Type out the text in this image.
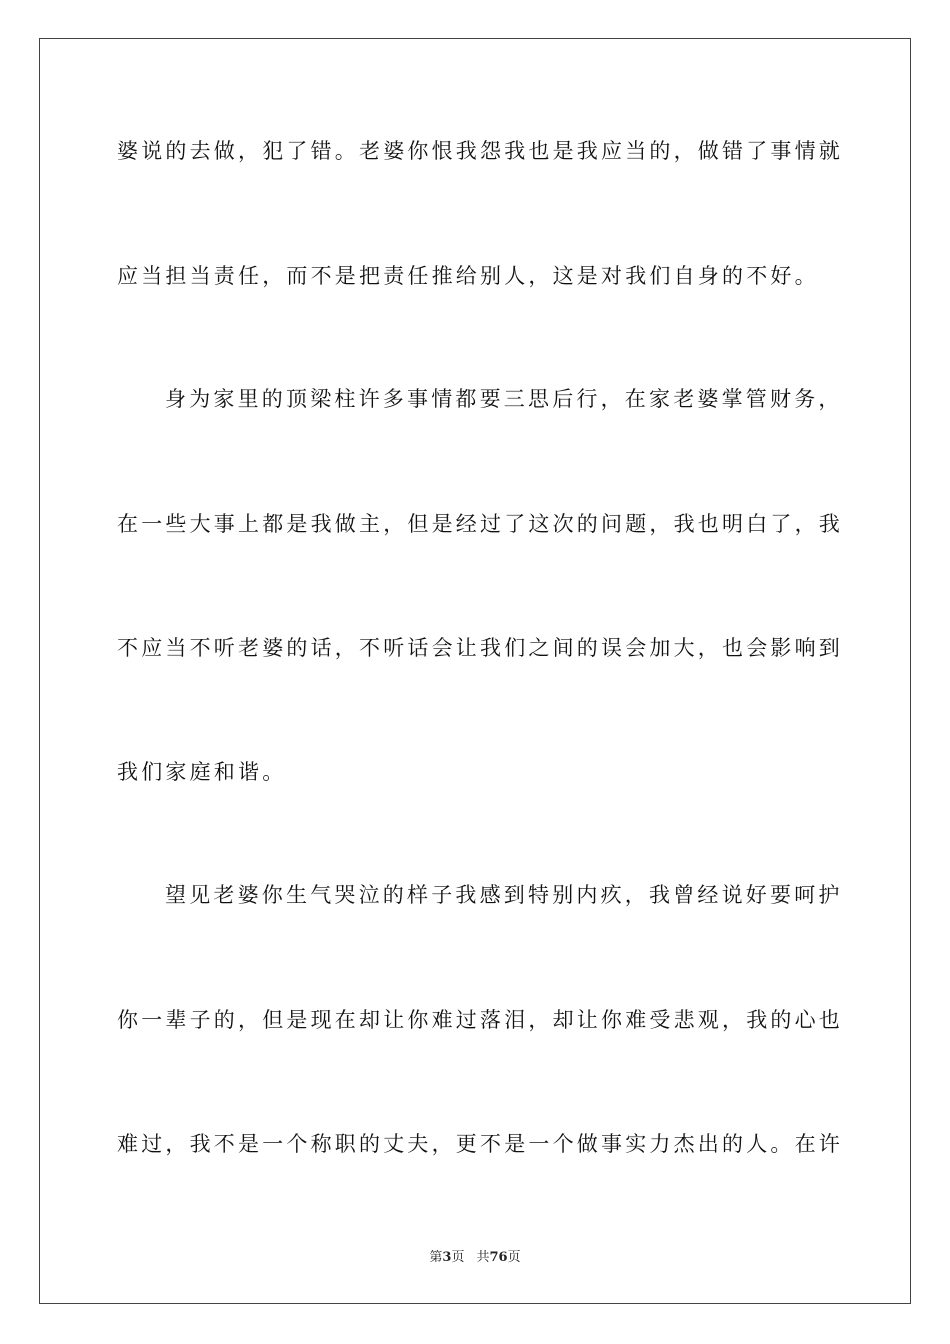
婆说的去做，犯了错。老婆你恨我怨我也是我应当的，做错了事情就
应当担当责任，而不是把责任推给别人，这是对我们自身的不好。
身为家里的顶梁柱许多事情都要三思后行，在家老婆掌管财务，
在一些大事上都是我做主，但是经过了这次的问题，我也明白了，我
不应当不听老婆的话，不听话会让我们之间的误会加大，也会影响到
我们家庭和谐。
望见老婆你生气哭泣的样子我感到特别内疚，我曾经说好要呵护
你一辈子的，但是现在却让你难过落泪，却让你难受悲观，我的心也
难过，我不是一个称职的丈夫，更不是一个做事实力杰出的人。在许
第3页 共76页
